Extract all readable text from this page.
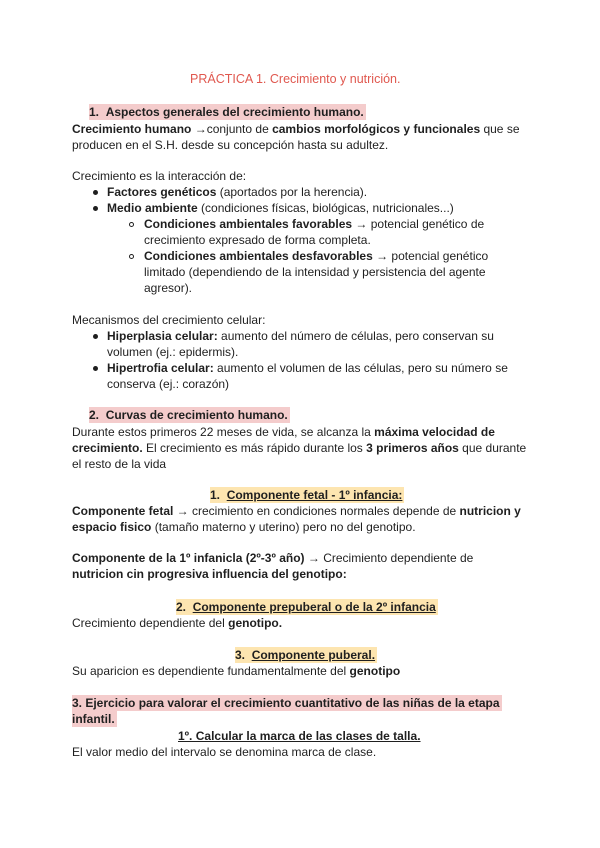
PRÁCTICA 1. Crecimiento y nutrición.
1. Aspectos generales del crecimiento humano.
Crecimiento humano →conjunto de cambios morfológicos y funcionales que se
producen en el S.H. desde su concepción hasta su adultez.
Crecimiento es la interacción de:
Factores genéticos (aportados por la herencia).
Medio ambiente (condiciones físicas, biológicas, nutricionales...)
Condiciones ambientales favorables → potencial genético de
crecimiento expresado de forma completa.
Condiciones ambientales desfavorables → potencial genético
limitado (dependiendo de la intensidad y persistencia del agente
agresor).
Mecanismos del crecimiento celular:
Hiperplasia celular: aumento del número de células, pero conservan su
volumen (ej.: epidermis).
Hipertrofia celular: aumento el volumen de las células, pero su número se
conserva (ej.: corazón)
2. Curvas de crecimiento humano.
Durante estos primeros 22 meses de vida, se alcanza la máxima velocidad de
crecimiento. El crecimiento es más rápido durante los 3 primeros años que durante
el resto de la vida
1. Componente fetal - 1º infancia:
Componente fetal → crecimiento en condiciones normales depende de nutricion y
espacio fisico (tamaño materno y uterino) pero no del genotipo.
Componente de la 1º infanicla (2º-3º año) → Crecimiento dependiente de
nutricion cin progresiva influencia del genotipo:
2. Componente prepuberal o de la 2º infancia
Crecimiento dependiente del genotipo.
3. Componente puberal.
Su aparicion es dependiente fundamentalmente del genotipo
3. Ejercicio para valorar el crecimiento cuantitativo de las niñas de la etapa
infantil.
1º. Calcular la marca de las clases de talla.
El valor medio del intervalo se denomina marca de clase.
